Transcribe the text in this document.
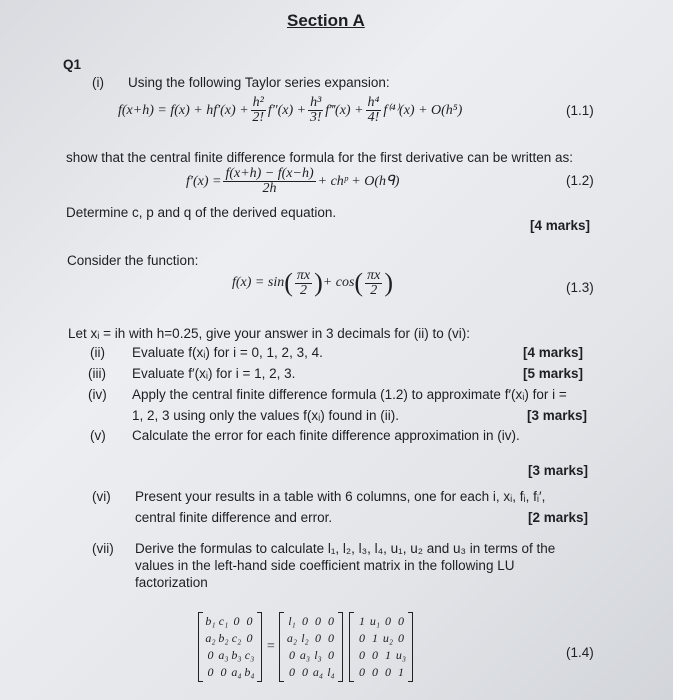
Section A
Q1
(i) Using the following Taylor series expansion:
$f(x+h) = f(x) + hf'(x) + \frac{\text{h²}}{2!} f''(x) + \frac{\text{h³}}{3!}$ f‴(x) + $\frac{\text{h⁴}}{4!} f^{(4)}(x) + O(h^5)$	(1.1)
show that the central finite difference formula for the first derivative can be written as:
$f'(x) = \frac{f(x+h) - f(x-h)}{2h}$ + chᵖ + O(hᑫ)	(1.2)
Determine c, p and q of the derived equation.
[4 marks]
Consider the function:
f(x) = sin ( $\frac{\pi x}{2}$ ) + cos ( $\frac{\pi x}{2}$ )	(1.3)
Let xᵢ = ih with h=0.25, give your answer in 3 decimals for (ii) to (vi):
(ii) Evaluate f(xᵢ) for i = 0, 1, 2, 3, 4.	[4 marks]
(iii) Evaluate f′(xᵢ) for i = 1, 2, 3.	[5 marks]
(iv) Apply the central finite difference formula (1.2) to approximate f′(xᵢ) for i =
1, 2, 3 using only the values f(xᵢ) found in (ii).	[3 marks]
(v) Calculate the error for each finite difference approximation in (iv).
[3 marks]
(vi) Present your results in a table with 6 columns, one for each i, xᵢ, fᵢ, fᵢ′,
central finite difference and error.	[2 marks]
(vii) Derive the formulas to calculate l₁, l₂, l₃, l₄, u₁, u₂ and u₃ in terms of the
values in the left-hand side coefficient matrix in the following LU
factorization
b₁ c₁ 0 0
a₂ b₂ c₂ 0
0 a₃ b₃ c₃
0 0 a₄ b₄
=
l₁ 0 0 0
a₂ l₂ 0 0
0 a₃ l₃ 0
0 0 a₄ l₄
1 u₁ 0 0
0 1 u₂ 0
0 0 1 u₃
0 0 0 1
(1.4)
